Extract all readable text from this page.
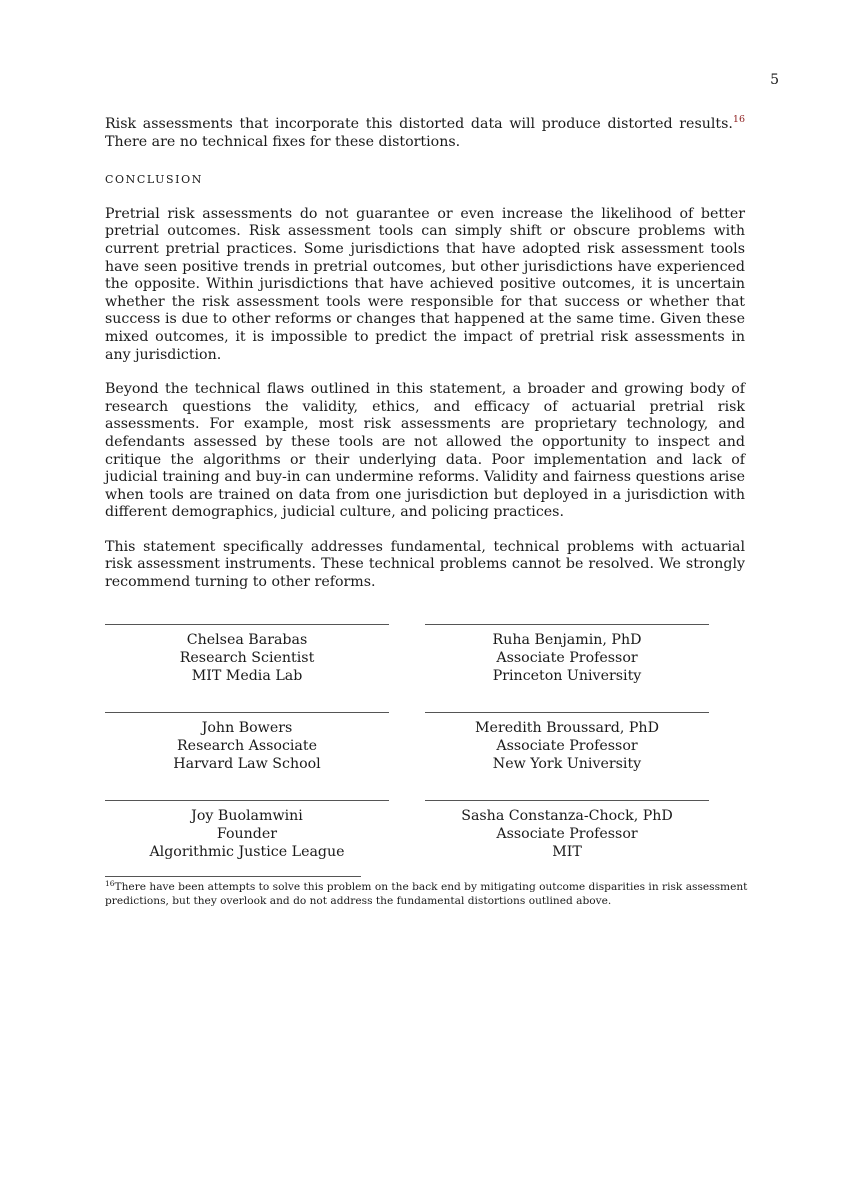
5

Risk assessments that incorporate this distorted data will produce distorted results.$^{16}$ There are no technical fixes for these distortions.

CONCLUSION

Pretrial risk assessments do not guarantee or even increase the likelihood of better pretrial outcomes. Risk assessment tools can simply shift or obscure problems with current pretrial practices. Some jurisdictions that have adopted risk assessment tools have seen positive trends in pretrial outcomes, but other jurisdictions have experienced the opposite. Within jurisdictions that have achieved positive outcomes, it is uncertain whether the risk assessment tools were responsible for that success or whether that success is due to other reforms or changes that happened at the same time. Given these mixed outcomes, it is impossible to predict the impact of pretrial risk assessments in any jurisdiction.

Beyond the technical flaws outlined in this statement, a broader and growing body of research questions the validity, ethics, and efficacy of actuarial pretrial risk assessments. For example, most risk assessments are proprietary technology, and defendants assessed by these tools are not allowed the opportunity to inspect and critique the algorithms or their underlying data. Poor implementation and lack of judicial training and buy-in can undermine reforms. Validity and fairness questions arise when tools are trained on data from one jurisdiction but deployed in a jurisdiction with different demographics, judicial culture, and policing practices.

This statement specifically addresses fundamental, technical problems with actuarial risk assessment instruments. These technical problems cannot be resolved. We strongly recommend turning to other reforms.

Chelsea Barabas
Research Scientist
MIT Media Lab
Ruha Benjamin, PhD
Associate Professor
Princeton University
John Bowers
Research Associate
Harvard Law School
Meredith Broussard, PhD
Associate Professor
New York University
Joy Buolamwini
Founder
Algorithmic Justice League
Sasha Constanza-Chock, PhD
Associate Professor
MIT
$^{16}$There have been attempts to solve this problem on the back end by mitigating outcome disparities in risk assessment predictions, but they overlook and do not address the fundamental distortions outlined above.
